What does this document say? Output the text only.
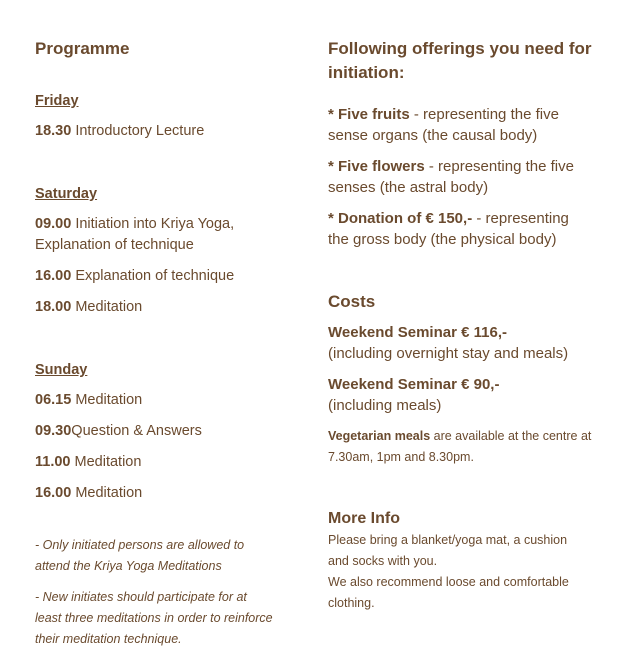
Programme
Friday
18.30 Introductory Lecture
Saturday
09.00 Initiation into Kriya Yoga,
Explanation of technique
16.00 Explanation of technique
18.00 Meditation
Sunday
06.15 Meditation
09.30Question & Answers
11.00 Meditation
16.00 Meditation
- Only initiated persons are allowed to
attend the Kriya Yoga Meditations
- New initiates should participate for at
least three meditations in order to reinforce
their meditation technique.
Following offerings you need for
initiation:
* Five fruits - representing the five
sense organs (the causal body)
* Five flowers - representing the five
senses (the astral body)
* Donation of € 150,- - representing
the gross body (the physical body)
Costs
Weekend Seminar € 116,-
(including overnight stay and meals)
Weekend Seminar € 90,-
(including meals)
Vegetarian meals are available at the centre at
7.30am, 1pm and 8.30pm.
More Info
Please bring a blanket/yoga mat, a cushion
and socks with you.
We also recommend loose and comfortable
clothing.
